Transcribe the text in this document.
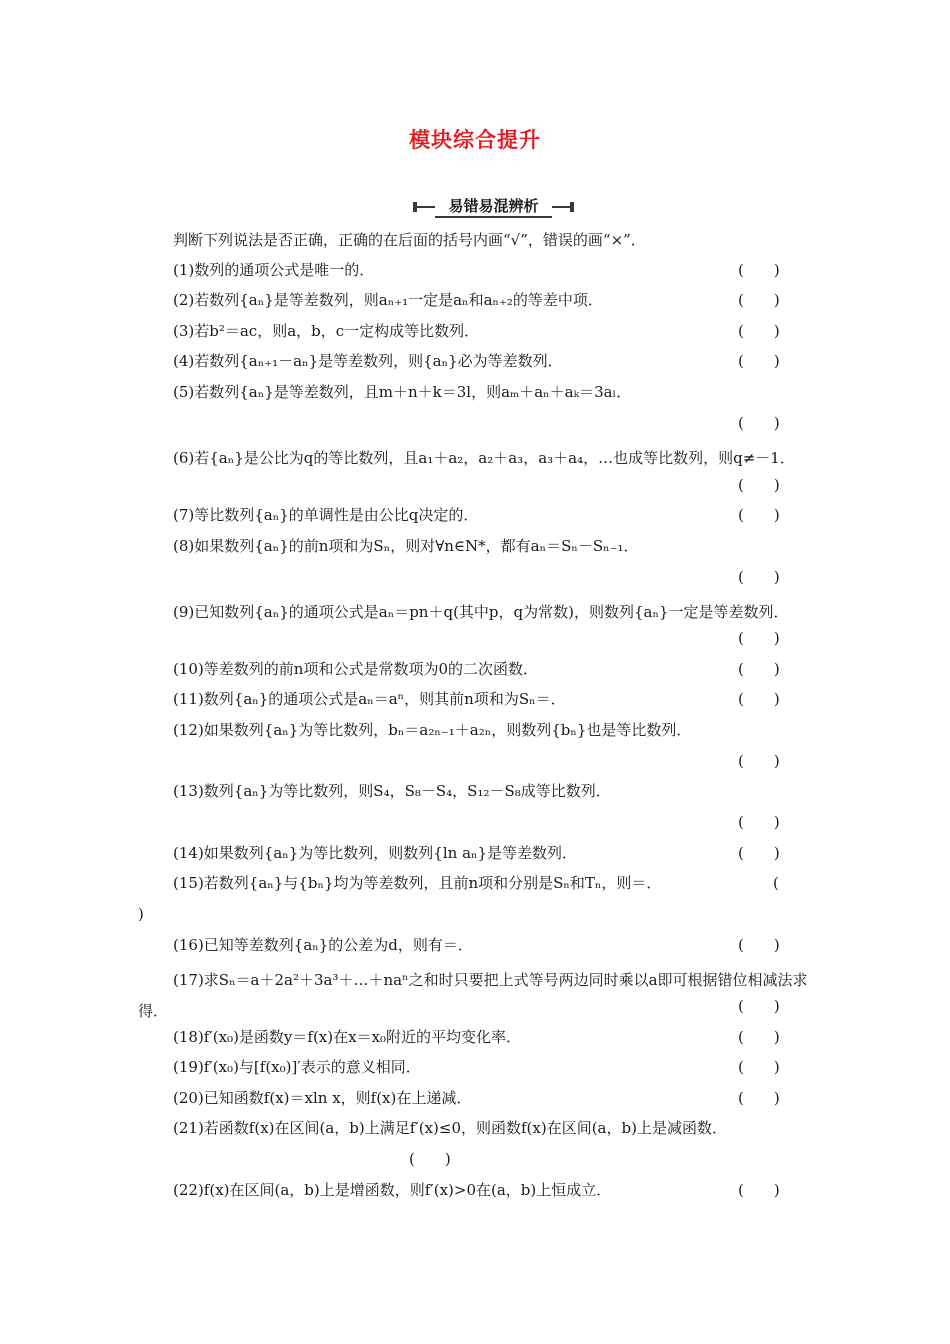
模块综合提升
易错易混辨析
判断下列说法是否正确，正确的在后面的括号内画“√”，错误的画“×”．
(1)数列的通项公式是唯一的．	(　　)
(2)若数列{aₙ}是等差数列，则aₙ₊₁一定是aₙ和aₙ₊₂的等差中项．	(　　)
(3)若b²＝ac，则a，b，c一定构成等比数列．	(　　)
(4)若数列{aₙ₊₁－aₙ}是等差数列，则{aₙ}必为等差数列．	(　　)
(5)若数列{aₙ}是等差数列，且m＋n＋k＝3l，则aₘ＋aₙ＋aₖ＝3aₗ．
(　　)
(6)若{aₙ}是公比为q的等比数列，且a₁＋a₂，a₂＋a₃，a₃＋a₄，…也成等比数列，则q≠－1．
(　　)
(7)等比数列{aₙ}的单调性是由公比q决定的．	(　　)
(8)如果数列{aₙ}的前n项和为Sₙ，则对∀n∈N*，都有aₙ＝Sₙ－Sₙ₋₁．
(　　)
(9)已知数列{aₙ}的通项公式是aₙ＝pn＋q(其中p，q为常数)，则数列{aₙ}一定是等差数列．
(　　)
(10)等差数列的前n项和公式是常数项为0的二次函数．	(　　)
(11)数列{aₙ}的通项公式是aₙ＝aⁿ，则其前n项和为Sₙ＝．	(　　)
(12)如果数列{aₙ}为等比数列，bₙ＝a₂ₙ₋₁＋a₂ₙ，则数列{bₙ}也是等比数列．
(　　)
(13)数列{aₙ}为等比数列，则S₄，S₈－S₄，S₁₂－S₈成等比数列．
(　　)
(14)如果数列{aₙ}为等比数列，则数列{ln aₙ}是等差数列．	(　　)
(15)若数列{aₙ}与{bₙ}均为等差数列，且前n项和分别是Sₙ和Tₙ，则＝．	(
)
(16)已知等差数列{aₙ}的公差为d，则有＝．	(　　)
(17)求Sₙ＝a＋2a²＋3a³＋…＋naⁿ之和时只要把上式等号两边同时乘以a即可根据错位相减法求得．	(　　)
(18)f′(x₀)是函数y＝f(x)在x＝x₀附近的平均变化率．	(　　)
(19)f′(x₀)与[f(x₀)]′表示的意义相同．	(　　)
(20)已知函数f(x)＝xln x，则f(x)在上递减．	(　　)
(21)若函数f(x)在区间(a，b)上满足f′(x)≤0，则函数f(x)在区间(a，b)上是减函数．
(　　)
(22)f(x)在区间(a，b)上是增函数，则f′(x)>0在(a，b)上恒成立．	(　　)
